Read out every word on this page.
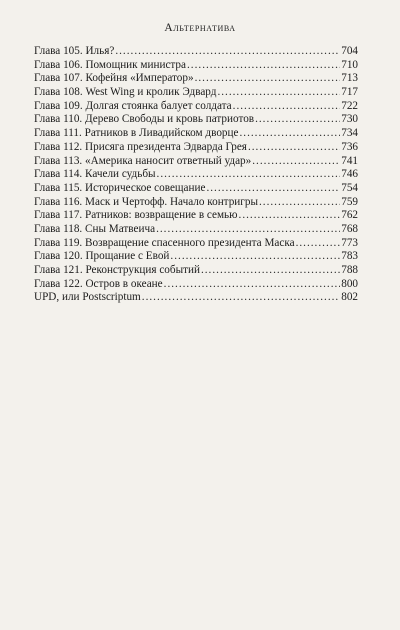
Альтернатива
Глава 105. Илья? .....	704
Глава 106. Помощник министра .....	710
Глава 107. Кофейня «Император» .....	713
Глава 108. West Wing и кролик Эдвард .....	717
Глава 109. Долгая стоянка балует солдата .....	722
Глава 110. Дерево Свободы и кровь патриотов .....	730
Глава 111. Ратников в Ливадийском дворце .....	734
Глава 112. Присяга президента Эдварда Грея .....	736
Глава 113. «Америка наносит ответный удар» .....	741
Глава 114. Качели судьбы .....	746
Глава 115. Историческое совещание .....	754
Глава 116. Маск и Чертофф. Начало контригры .....	759
Глава 117. Ратников: возвращение в семью .....	762
Глава 118. Сны Матвеича .....	768
Глава 119. Возвращение спасенного президента Маска .....	773
Глава 120. Прощание с Евой .....	783
Глава 121. Реконструкция событий .....	788
Глава 122. Остров в океане .....	800
UPD, или Postscriptum .....	802
